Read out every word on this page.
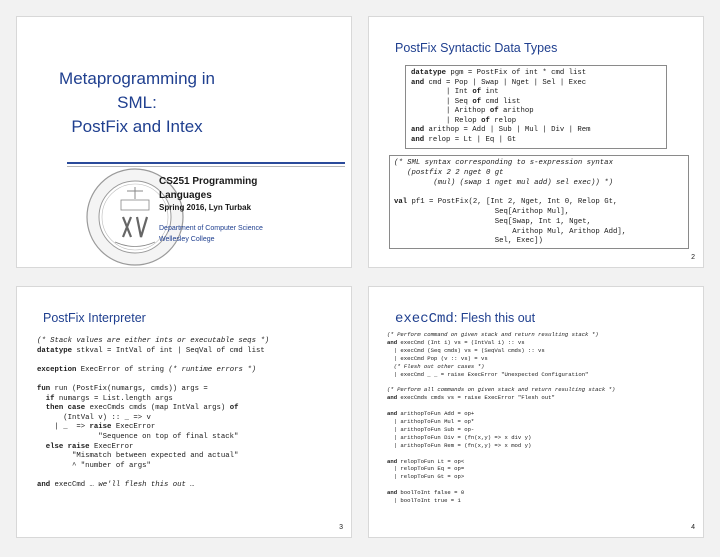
Metaprogramming in SML:
PostFix and Intex
CS251 Programming
Languages
Spring 2016, Lyn Turbak
Department of Computer Science
Wellesley College
PostFix Syntactic Data Types
datatype pgm = PostFix of int * cmd list
and cmd = Pop | Swap | Nget | Sel | Exec
| Int of int
| Seq of cmd list
| Arithop of arithop
| Relop of relop
and arithop = Add | Sub | Mul | Div | Rem
and relop = Lt | Eq | Gt
(* SML syntax corresponding to s-expression syntax
(postfix 2 2 nget 0 gt
(mul) (swap 1 nget mul add) sel exec)) *)

val pf1 = PostFix(2, [Int 2, Nget, Int 0, Relop Gt,
Seq[Arithop Mul],
Seq[Swap, Int 1, Nget,
Arithop Mul, Arithop Add],
Sel, Exec])
2
PostFix Interpreter
(* Stack values are either ints or executable seqs *)
datatype stkval = IntVal of int | SeqVal of cmd list

exception ExecError of string (* runtime errors *)

fun run (PostFix(numargs, cmds)) args =
if numargs = List.length args
then case execCmds cmds (map IntVal args) of
(IntVal v) :: _ => v
| _  => raise ExecError
"Sequence on top of final stack"
else raise ExecError
"Mismatch between expected and actual"
^ "number of args"

and execCmd … we'll flesh this out …
3
execCmd: Flesh this out
(* Perform command on given stack and return resulting stack *)
and execCmd (Int i) vs = (IntVal i) :: vs
| execCmd (Seq cmds) vs = (SeqVal cmds) :: vs
| execCmd Pop (v :: vs) = vs
(* Flesh out other cases *)
| execCmd _ _ = raise ExecError "Unexpected Configuration"

(* Perform all commands on given stack and return resulting stack *)
and execCmds cmds vs = raise ExecError "Flesh out"

and arithopToFun Add = op+
| arithopToFun Mul = op*
| arithopToFun Sub = op-
| arithopToFun Div = (fn(x,y) => x div y)
| arithopToFun Rem = (fn(x,y) => x mod y)

and relopToFun Lt = op<
| relopToFun Eq = op=
| relopToFun Gt = op>

and boolToInt false = 0
| boolToInt true = 1
4
